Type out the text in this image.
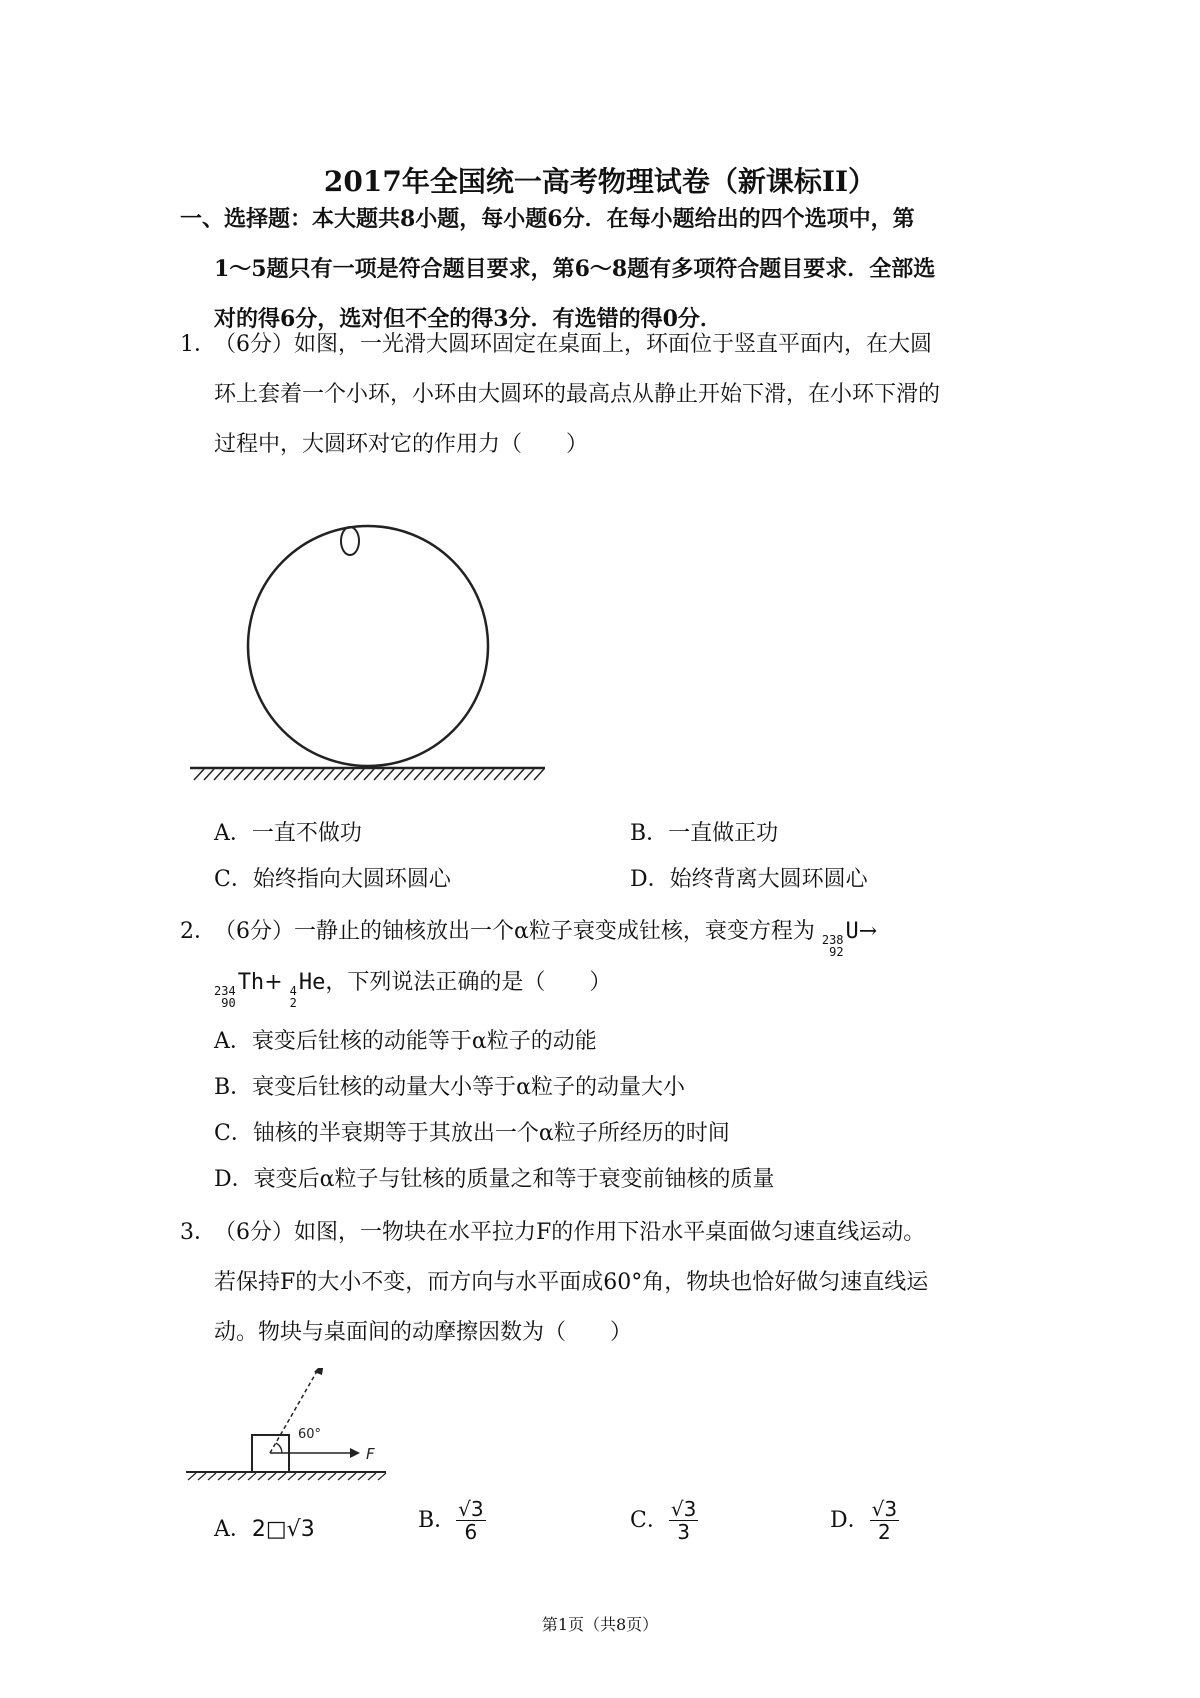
2017年全国统一高考物理试卷（新课标II）
一、选择题：本大题共8小题，每小题6分．在每小题给出的四个选项中，第
1～5题只有一项是符合题目要求，第6～8题有多项符合题目要求．全部选
对的得6分，选对但不全的得3分．有选错的得0分．
1．（6分）如图，一光滑大圆环固定在桌面上，环面位于竖直平面内，在大圆
环上套着一个小环，小环由大圆环的最高点从静止开始下滑，在小环下滑的
过程中，大圆环对它的作用力（　　）
A．一直不做功	B．一直做正功
C．始终指向大圆环圆心	D．始终背离大圆环圆心
2．（6分）一静止的铀核放出一个α粒子衰变成钍核，衰变方程为 238
92
U→
234
90
Th+ 4
2
He，下列说法正确的是（　　）
A．衰变后钍核的动能等于α粒子的动能
B．衰变后钍核的动量大小等于α粒子的动量大小
C．铀核的半衰期等于其放出一个α粒子所经历的时间
D．衰变后α粒子与钍核的质量之和等于衰变前铀核的质量
3．（6分）如图，一物块在水平拉力F的作用下沿水平桌面做匀速直线运动。
若保持F的大小不变，而方向与水平面成60°角，物块也恰好做匀速直线运
动。物块与桌面间的动摩擦因数为（　　）
60°
F
A． 2□√3	B． $\frac{√3}{6}$	C． $\frac{√3}{3}$	D． $\frac{√3}{2}$
第1页（共8页）
